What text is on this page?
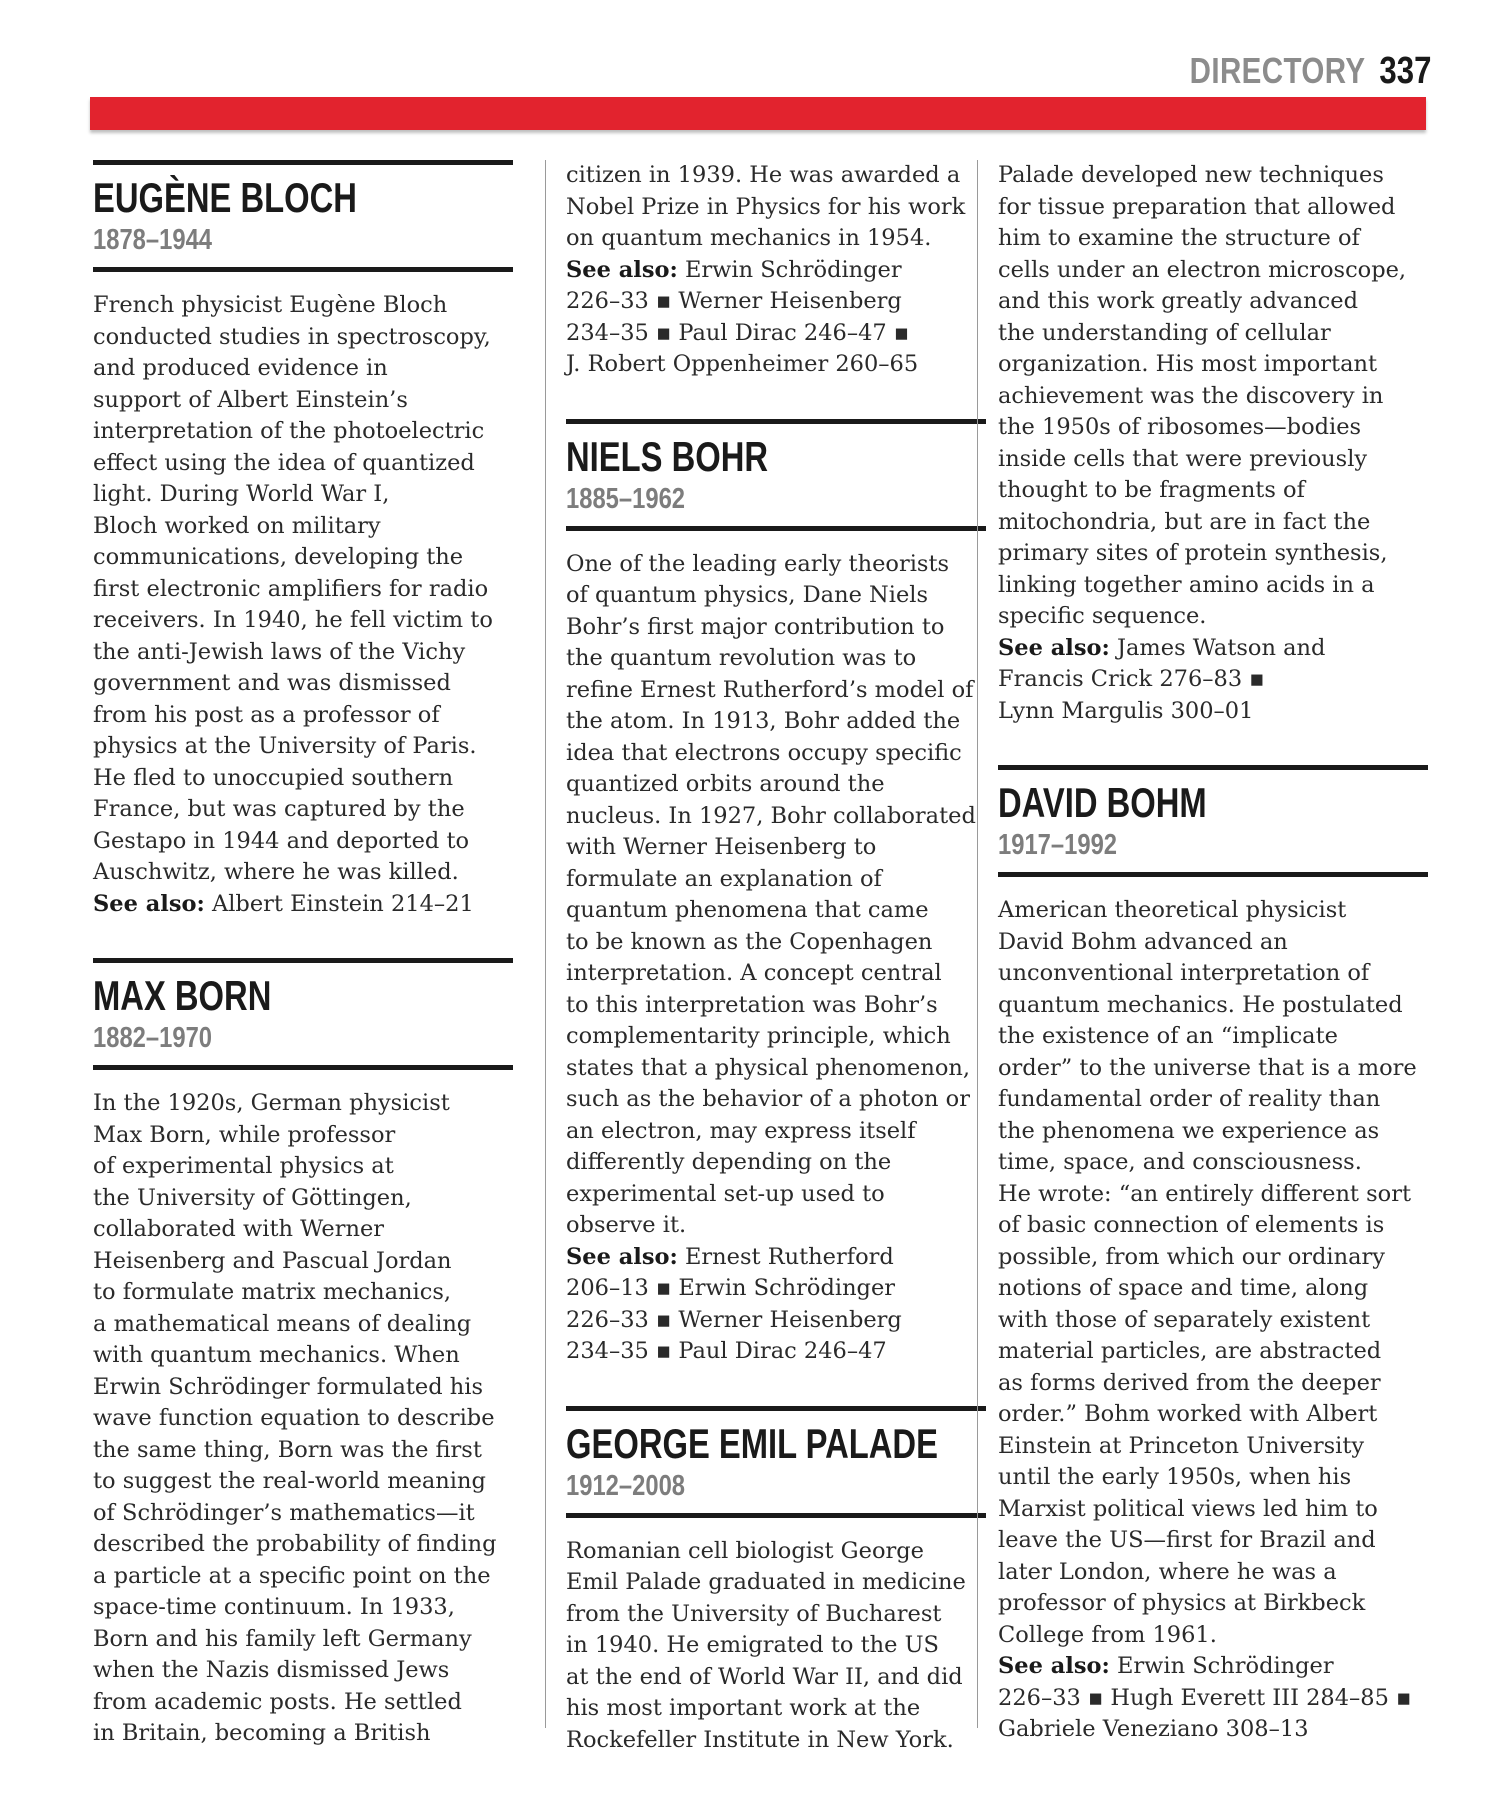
DIRECTORY 337
EUGÈNE BLOCH
1878–1944

French physicist Eugène Bloch
conducted studies in spectroscopy,
and produced evidence in
support of Albert Einstein’s
interpretation of the photoelectric
effect using the idea of quantized
light. During World War I,
Bloch worked on military
communications, developing the
first electronic amplifiers for radio
receivers. In 1940, he fell victim to
the anti-Jewish laws of the Vichy
government and was dismissed
from his post as a professor of
physics at the University of Paris.
He fled to unoccupied southern
France, but was captured by the
Gestapo in 1944 and deported to
Auschwitz, where he was killed.

See also: Albert Einstein 214–21

MAX BORN
1882–1970

In the 1920s, German physicist
Max Born, while professor
of experimental physics at
the University of Göttingen,
collaborated with Werner
Heisenberg and Pascual Jordan
to formulate matrix mechanics,
a mathematical means of dealing
with quantum mechanics. When
Erwin Schrödinger formulated his
wave function equation to describe
the same thing, Born was the first
to suggest the real-world meaning
of Schrödinger’s mathematics—it
described the probability of finding
a particle at a specific point on the
space-time continuum. In 1933,
Born and his family left Germany
when the Nazis dismissed Jews
from academic posts. He settled
in Britain, becoming a British

citizen in 1939. He was awarded a
Nobel Prize in Physics for his work
on quantum mechanics in 1954.

See also: Erwin Schrödinger
226–33 ▪ Werner Heisenberg
234–35 ▪ Paul Dirac 246–47 ▪
J. Robert Oppenheimer 260–65

NIELS BOHR
1885–1962

One of the leading early theorists
of quantum physics, Dane Niels
Bohr’s first major contribution to
the quantum revolution was to
refine Ernest Rutherford’s model of
the atom. In 1913, Bohr added the
idea that electrons occupy specific
quantized orbits around the
nucleus. In 1927, Bohr collaborated
with Werner Heisenberg to
formulate an explanation of
quantum phenomena that came
to be known as the Copenhagen
interpretation. A concept central
to this interpretation was Bohr’s
complementarity principle, which
states that a physical phenomenon,
such as the behavior of a photon or
an electron, may express itself
differently depending on the
experimental set-up used to
observe it.

See also: Ernest Rutherford
206–13 ▪ Erwin Schrödinger
226–33 ▪ Werner Heisenberg
234–35 ▪ Paul Dirac 246–47

GEORGE EMIL PALADE
1912–2008

Romanian cell biologist George
Emil Palade graduated in medicine
from the University of Bucharest
in 1940. He emigrated to the US
at the end of World War II, and did
his most important work at the
Rockefeller Institute in New York.

Palade developed new techniques
for tissue preparation that allowed
him to examine the structure of
cells under an electron microscope,
and this work greatly advanced
the understanding of cellular
organization. His most important
achievement was the discovery in
the 1950s of ribosomes—bodies
inside cells that were previously
thought to be fragments of
mitochondria, but are in fact the
primary sites of protein synthesis,
linking together amino acids in a
specific sequence.

See also: James Watson and
Francis Crick 276–83 ▪
Lynn Margulis 300–01

DAVID BOHM
1917–1992

American theoretical physicist
David Bohm advanced an
unconventional interpretation of
quantum mechanics. He postulated
the existence of an “implicate
order” to the universe that is a more
fundamental order of reality than
the phenomena we experience as
time, space, and consciousness.
He wrote: “an entirely different sort
of basic connection of elements is
possible, from which our ordinary
notions of space and time, along
with those of separately existent
material particles, are abstracted
as forms derived from the deeper
order.” Bohm worked with Albert
Einstein at Princeton University
until the early 1950s, when his
Marxist political views led him to
leave the US—first for Brazil and
later London, where he was a
professor of physics at Birkbeck
College from 1961.

See also: Erwin Schrödinger
226–33 ▪ Hugh Everett III 284–85 ▪
Gabriele Veneziano 308–13
